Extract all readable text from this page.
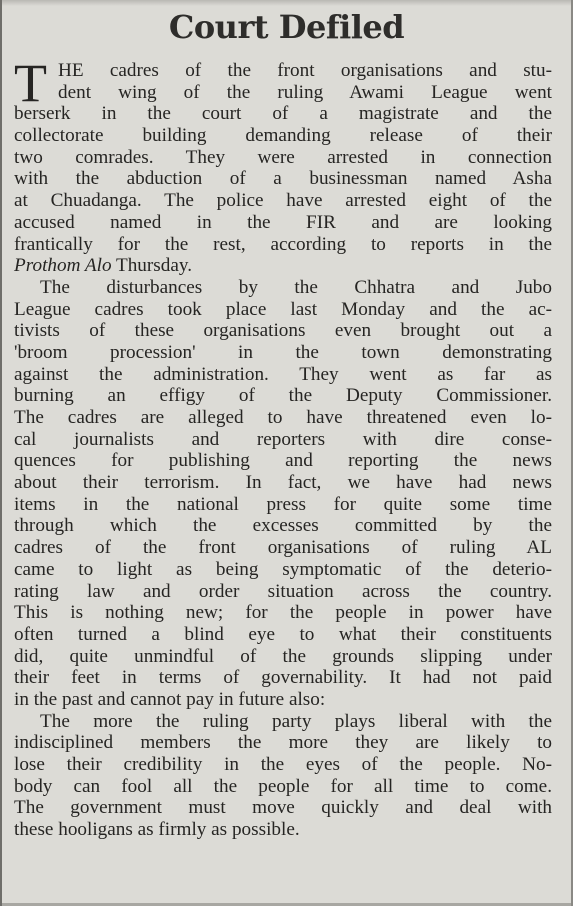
Court Defiled
T HE cadres of the front organisations and stu-
dent wing of the ruling Awami League went
berserk in the court of a magistrate and the
collectorate building demanding release of their
two comrades. They were arrested in connection
with the abduction of a businessman named Asha
at Chuadanga. The police have arrested eight of the
accused named in the FIR and are looking
frantically for the rest, according to reports in the
Prothom Alo Thursday.
The disturbances by the Chhatra and Jubo
League cadres took place last Monday and the ac-
tivists of these organisations even brought out a
'broom procession' in the town demonstrating
against the administration. They went as far as
burning an effigy of the Deputy Commissioner.
The cadres are alleged to have threatened even lo-
cal journalists and reporters with dire conse-
quences for publishing and reporting the news
about their terrorism. In fact, we have had news
items in the national press for quite some time
through which the excesses committed by the
cadres of the front organisations of ruling AL
came to light as being symptomatic of the deterio-
rating law and order situation across the country.
This is nothing new; for the people in power have
often turned a blind eye to what their constituents
did, quite unmindful of the grounds slipping under
their feet in terms of governability. It had not paid
in the past and cannot pay in future also:
The more the ruling party plays liberal with the
indisciplined members the more they are likely to
lose their credibility in the eyes of the people. No-
body can fool all the people for all time to come.
The government must move quickly and deal with
these hooligans as firmly as possible.
